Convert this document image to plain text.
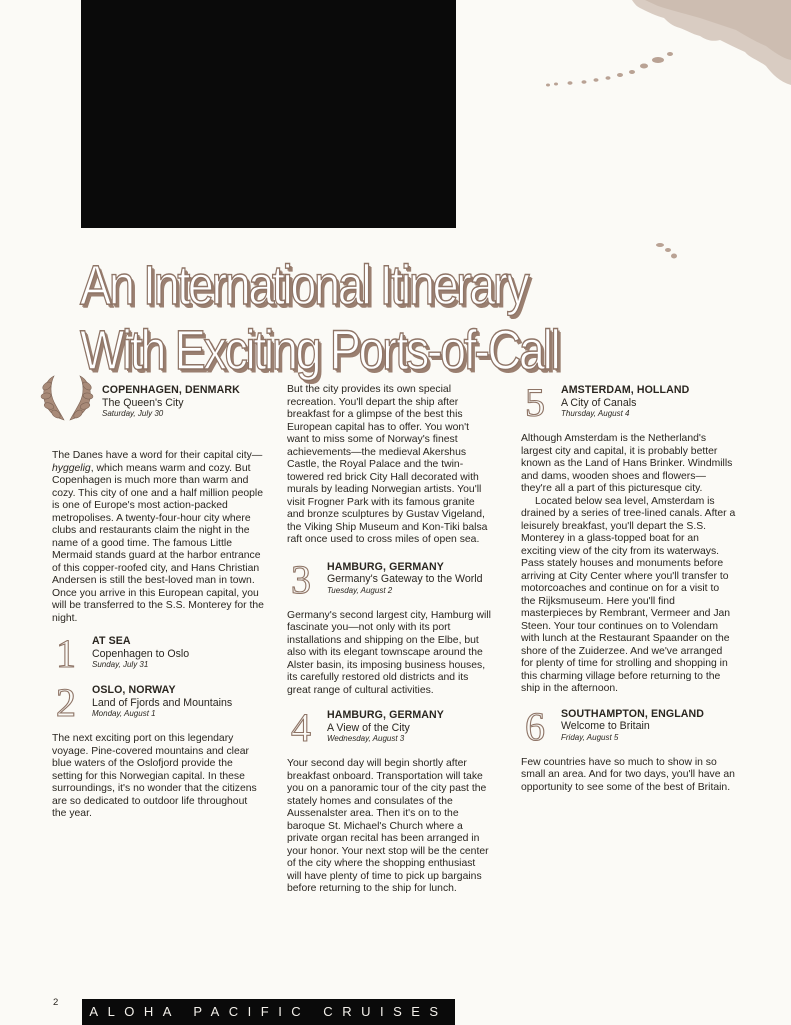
An International Itinerary
With Exciting Ports-of-Call

COPENHAGEN, DENMARK

The Queen's City

Saturday, July 30

The Danes have a word for their capital city—hyggelig, which means warm and cozy. But Copenhagen is much more than warm and cozy. This city of one and a half million people is one of Europe's most action-packed metropolises. A twenty-four-hour city where clubs and restaurants claim the night in the name of a good time. The famous Little Mermaid stands guard at the harbor entrance of this copper-roofed city, and Hans Christian Andersen is still the best-loved man in town. Once you arrive in this European capital, you will be transferred to the S.S. Monterey for the night.

1 AT SEA

Copenhagen to Oslo

Sunday, July 31

2 OSLO, NORWAY

Land of Fjords and Mountains

Monday, August 1

The next exciting port on this legendary voyage. Pine-covered mountains and clear blue waters of the Oslofjord provide the setting for this Norwegian capital. In these surroundings, it's no wonder that the citizens are so dedicated to outdoor life throughout the year.

But the city provides its own special recreation. You'll depart the ship after breakfast for a glimpse of the best this European capital has to offer. You won't want to miss some of Norway's finest achievements—the medieval Akershus Castle, the Royal Palace and the twin-towered red brick City Hall decorated with murals by leading Norwegian artists. You'll visit Frogner Park with its famous granite and bronze sculptures by Gustav Vigeland, the Viking Ship Museum and Kon-Tiki balsa raft once used to cross miles of open sea.

3 HAMBURG, GERMANY

Germany's Gateway to the World

Tuesday, August 2

Germany's second largest city, Hamburg will fascinate you—not only with its port installations and shipping on the Elbe, but also with its elegant townscape around the Alster basin, its imposing business houses, its carefully restored old districts and its great range of cultural activities.

4 HAMBURG, GERMANY

A View of the City

Wednesday, August 3

Your second day will begin shortly after breakfast onboard. Transportation will take you on a panoramic tour of the city past the stately homes and consulates of the Aussenalster area. Then it's on to the baroque St. Michael's Church where a private organ recital has been arranged in your honor. Your next stop will be the center of the city where the shopping enthusiast will have plenty of time to pick up bargains before returning to the ship for lunch.

5 AMSTERDAM, HOLLAND

A City of Canals

Thursday, August 4

Although Amsterdam is the Netherland's largest city and capital, it is probably better known as the Land of Hans Brinker. Windmills and dams, wooden shoes and flowers—they're all a part of this picturesque city.

Located below sea level, Amsterdam is drained by a series of tree-lined canals. After a leisurely breakfast, you'll depart the S.S. Monterey in a glass-topped boat for an exciting view of the city from its waterways. Pass stately houses and monuments before arriving at City Center where you'll transfer to motorcoaches and continue on for a visit to the Rijksmuseum. Here you'll find masterpieces by Rembrant, Vermeer and Jan Steen. Your tour continues on to Volendam with lunch at the Restaurant Spaander on the shore of the Zuiderzee. And we've arranged for plenty of time for strolling and shopping in this charming village before returning to the ship in the afternoon.

6 SOUTHAMPTON, ENGLAND

Welcome to Britain

Friday, August 5

Few countries have so much to show in so small an area. And for two days, you'll have an opportunity to see some of the best of Britain.

2
ALOHA PACIFIC CRUISES
